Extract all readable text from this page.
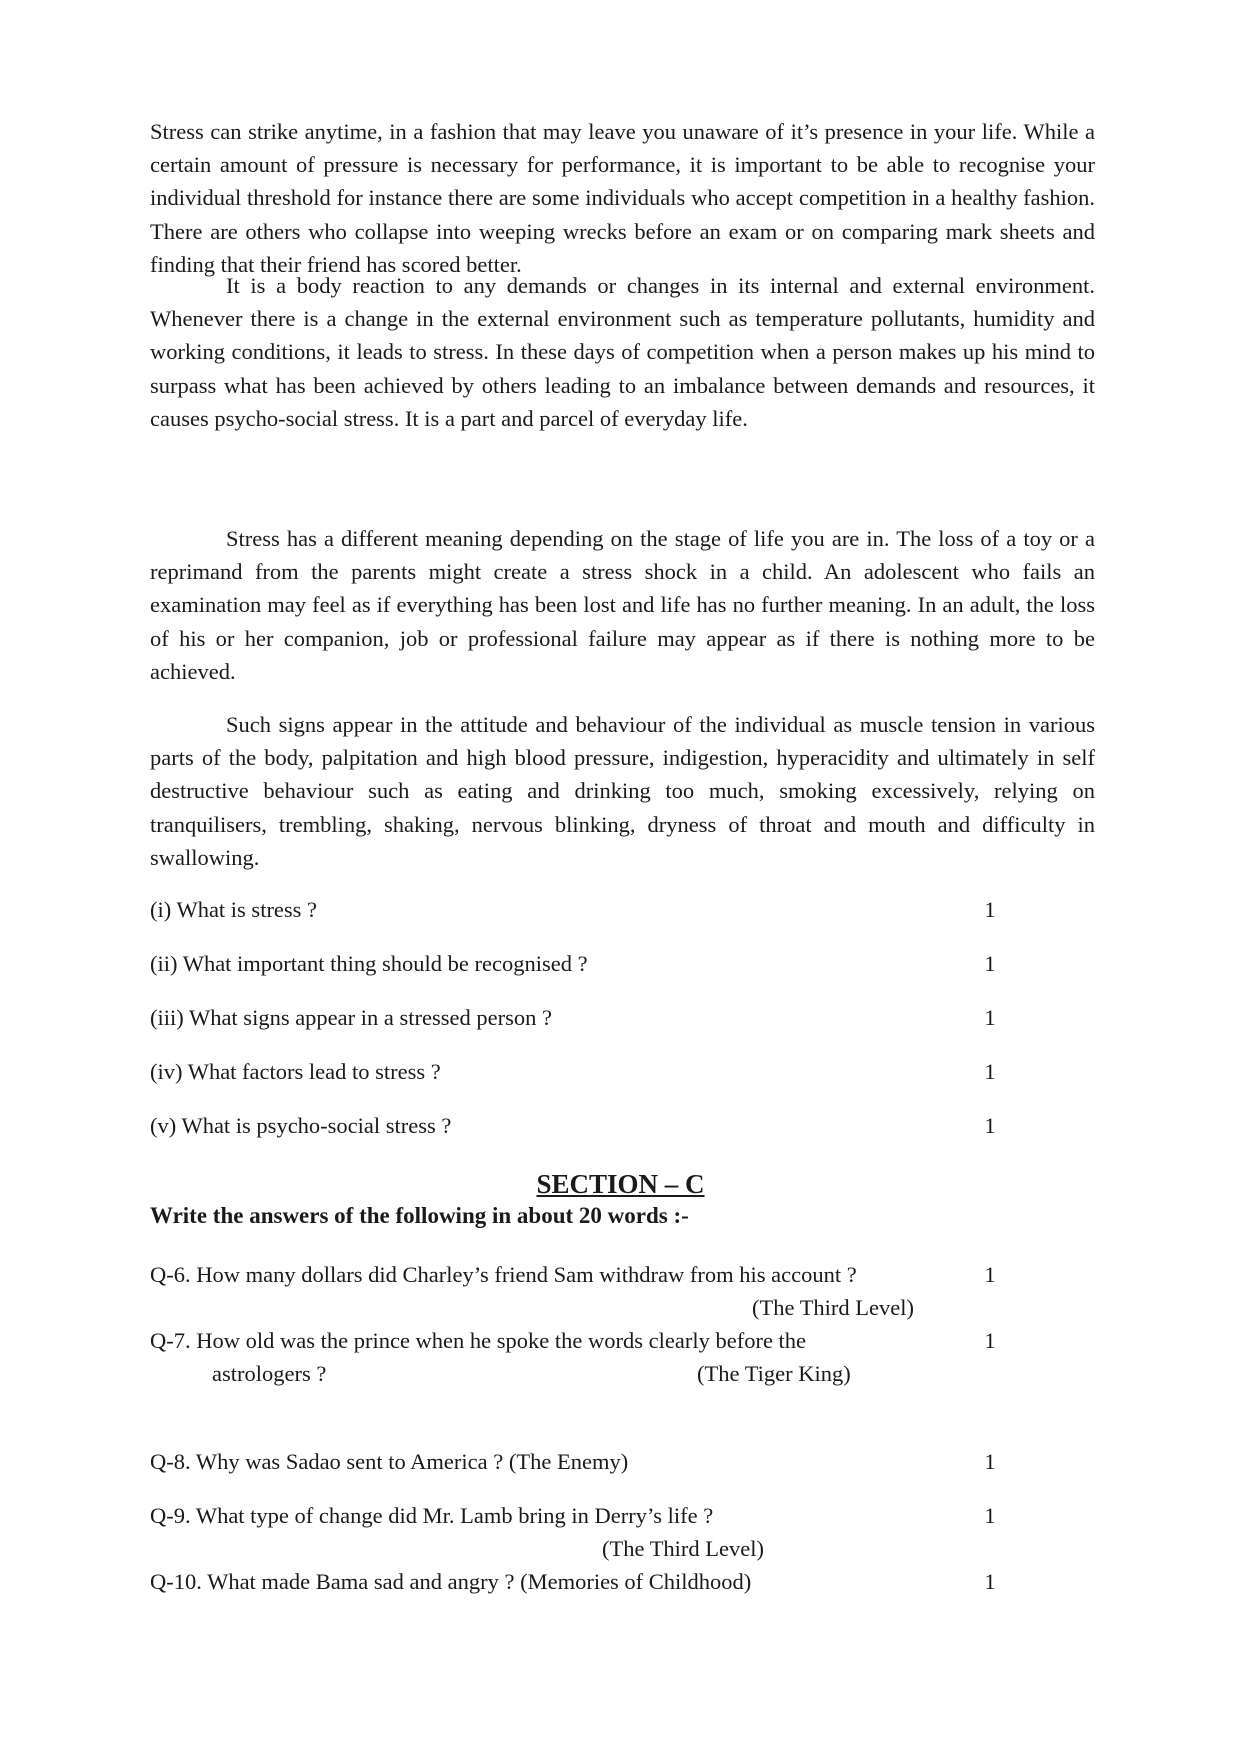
Stress can strike anytime, in a fashion that may leave you unaware of it’s presence in your life. While a certain amount of pressure is necessary for performance, it is important to be able to recognise your individual threshold for instance there are some individuals who accept competition in a healthy fashion. There are others who collapse into weeping wrecks before an exam or on comparing mark sheets and finding that their friend has scored better.

It is a body reaction to any demands or changes in its internal and external environment. Whenever there is a change in the external environment such as temperature pollutants, humidity and working conditions, it leads to stress. In these days of competition when a person makes up his mind to surpass what has been achieved by others leading to an imbalance between demands and resources, it causes psycho-social stress. It is a part and parcel of everyday life.

Stress has a different meaning depending on the stage of life you are in. The loss of a toy or a reprimand from the parents might create a stress shock in a child. An adolescent who fails an examination may feel as if everything has been lost and life has no further meaning. In an adult, the loss of his or her companion, job or professional failure may appear as if there is nothing more to be achieved.

Such signs appear in the attitude and behaviour of the individual as muscle tension in various parts of the body, palpitation and high blood pressure, indigestion, hyperacidity and ultimately in self destructive behaviour such as eating and drinking too much, smoking excessively, relying on tranquilisers, trembling, shaking, nervous blinking, dryness of throat and mouth and difficulty in swallowing.

(i) What is stress ?	1
(ii) What important thing should be recognised ?	1
(iii) What signs appear in a stressed person ?	1
(iv) What factors lead to stress ?	1
(v) What is psycho-social stress ?	1
SECTION – C
Write the answers of the following in about 20 words :-
Q-6. How many dollars did Charley’s friend Sam withdraw from his account ?	1
(The Third Level)
Q-7. How old was the prince when he spoke the words clearly before the	1
astrologers ?	(The Tiger King)
Q-8. Why was Sadao sent to America ? (The Enemy)	1
Q-9. What type of change did Mr. Lamb bring in Derry’s life ?	1
(The Third Level)
Q-10. What made Bama sad and angry ? (Memories of Childhood)	1
